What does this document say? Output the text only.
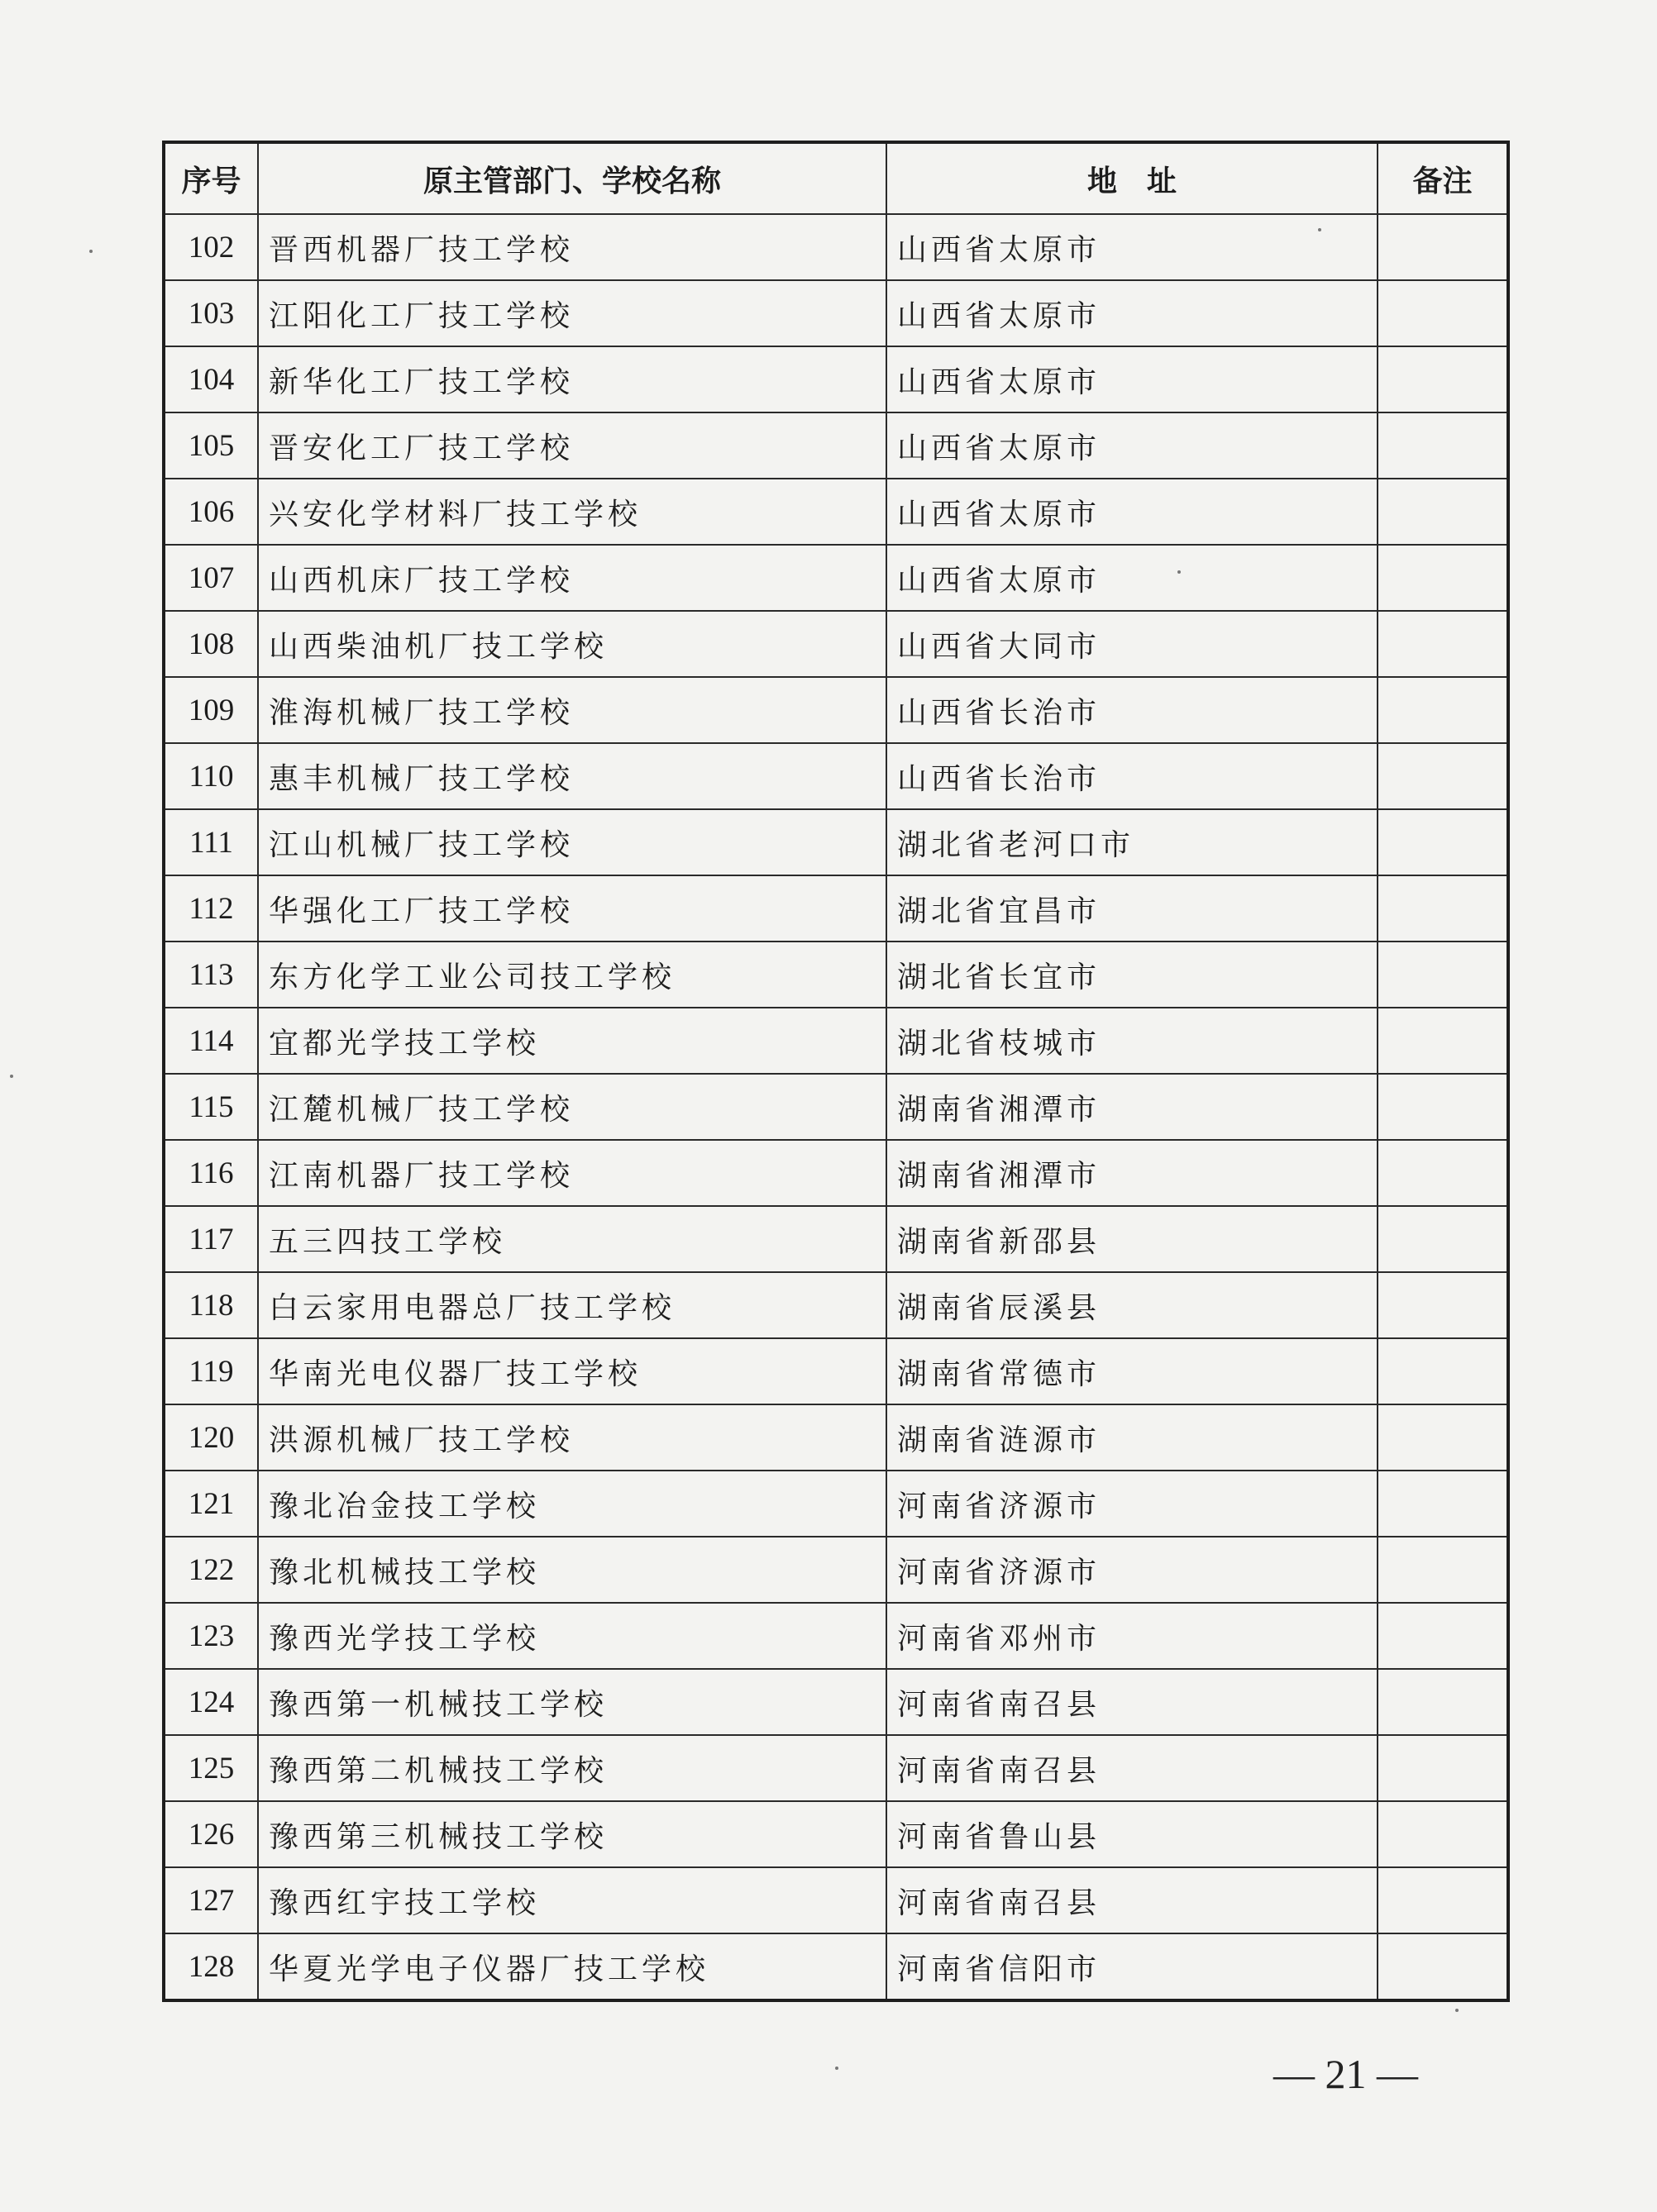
序号	原主管部门、学校名称	地　址	备注
102	晋西机器厂技工学校	山西省太原市	
103	江阳化工厂技工学校	山西省太原市	
104	新华化工厂技工学校	山西省太原市	
105	晋安化工厂技工学校	山西省太原市	
106	兴安化学材料厂技工学校	山西省太原市	
107	山西机床厂技工学校	山西省太原市	
108	山西柴油机厂技工学校	山西省大同市	
109	淮海机械厂技工学校	山西省长治市	
110	惠丰机械厂技工学校	山西省长治市	
111	江山机械厂技工学校	湖北省老河口市	
112	华强化工厂技工学校	湖北省宜昌市	
113	东方化学工业公司技工学校	湖北省长宜市	
114	宜都光学技工学校	湖北省枝城市	
115	江麓机械厂技工学校	湖南省湘潭市	
116	江南机器厂技工学校	湖南省湘潭市	
117	五三四技工学校	湖南省新邵县	
118	白云家用电器总厂技工学校	湖南省辰溪县	
119	华南光电仪器厂技工学校	湖南省常德市	
120	洪源机械厂技工学校	湖南省涟源市	
121	豫北冶金技工学校	河南省济源市	
122	豫北机械技工学校	河南省济源市	
123	豫西光学技工学校	河南省邓州市	
124	豫西第一机械技工学校	河南省南召县	
125	豫西第二机械技工学校	河南省南召县	
126	豫西第三机械技工学校	河南省鲁山县	
127	豫西红宇技工学校	河南省南召县	
128	华夏光学电子仪器厂技工学校	河南省信阳市	
— 21 —
